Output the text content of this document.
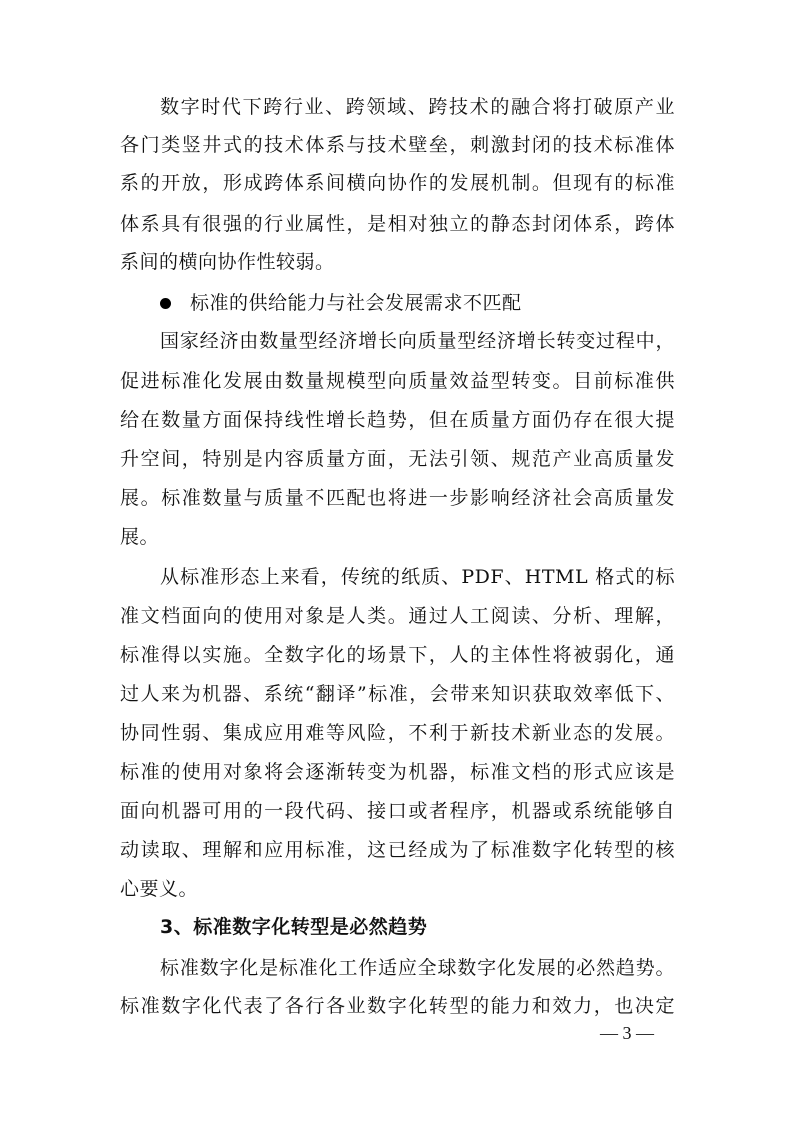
数字时代下跨行业、跨领域、跨技术的融合将打破原产业
各门类竖井式的技术体系与技术壁垒，刺激封闭的技术标准体
系的开放，形成跨体系间横向协作的发展机制。但现有的标准
体系具有很强的行业属性，是相对独立的静态封闭体系，跨体
系间的横向协作性较弱。
标准的供给能力与社会发展需求不匹配
国家经济由数量型经济增长向质量型经济增长转变过程中，
促进标准化发展由数量规模型向质量效益型转变。目前标准供
给在数量方面保持线性增长趋势，但在质量方面仍存在很大提
升空间，特别是内容质量方面，无法引领、规范产业高质量发
展。标准数量与质量不匹配也将进一步影响经济社会高质量发
展。
从标准形态上来看，传统的纸质、PDF、HTML 格式的标
准文档面向的使用对象是人类。通过人工阅读、分析、理解，
标准得以实施。全数字化的场景下，人的主体性将被弱化，通
过人来为机器、系统“翻译”标准，会带来知识获取效率低下、
协同性弱、集成应用难等风险，不利于新技术新业态的发展。
标准的使用对象将会逐渐转变为机器，标准文档的形式应该是
面向机器可用的一段代码、接口或者程序，机器或系统能够自
动读取、理解和应用标准，这已经成为了标准数字化转型的核
心要义。
3、标准数字化转型是必然趋势
标准数字化是标准化工作适应全球数字化发展的必然趋势。
标准数字化代表了各行各业数字化转型的能力和效力，也决定
— 3 —
